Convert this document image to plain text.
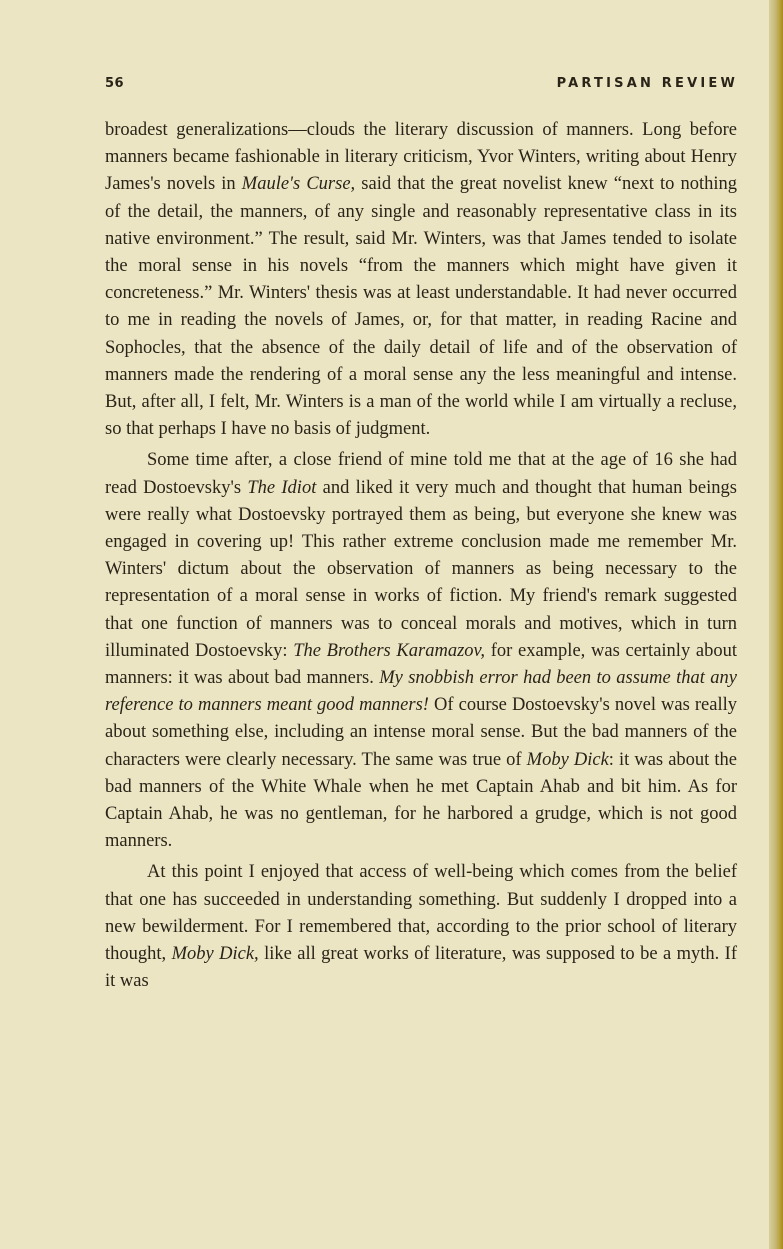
56	PARTISAN REVIEW

broadest generalizations—clouds the literary discussion of manners. Long before manners became fashionable in literary criticism, Yvor Winters, writing about Henry James's novels in Maule's Curse, said that the great novelist knew “next to nothing of the detail, the manners, of any single and reasonably representative class in its native environment.” The result, said Mr. Winters, was that James tended to isolate the moral sense in his novels “from the manners which might have given it concreteness.” Mr. Winters' thesis was at least understandable. It had never occurred to me in reading the novels of James, or, for that matter, in reading Racine and Sophocles, that the absence of the daily detail of life and of the observation of manners made the rendering of a moral sense any the less meaningful and intense. But, after all, I felt, Mr. Winters is a man of the world while I am virtually a recluse, so that perhaps I have no basis of judgment.

Some time after, a close friend of mine told me that at the age of 16 she had read Dostoevsky's The Idiot and liked it very much and thought that human beings were really what Dostoevsky portrayed them as being, but everyone she knew was engaged in covering up! This rather extreme conclusion made me remember Mr. Winters' dictum about the observation of manners as being necessary to the representation of a moral sense in works of fiction. My friend's remark suggested that one function of manners was to conceal morals and motives, which in turn illuminated Dostoevsky: The Brothers Karamazov, for example, was certainly about manners: it was about bad manners. My snobbish error had been to assume that any reference to manners meant good manners! Of course Dostoevsky's novel was really about something else, including an intense moral sense. But the bad manners of the characters were clearly necessary. The same was true of Moby Dick: it was about the bad manners of the White Whale when he met Captain Ahab and bit him. As for Captain Ahab, he was no gentleman, for he harbored a grudge, which is not good manners.

At this point I enjoyed that access of well-being which comes from the belief that one has succeeded in understanding something. But suddenly I dropped into a new bewilderment. For I remembered that, according to the prior school of literary thought, Moby Dick, like all great works of literature, was supposed to be a myth. If it was
